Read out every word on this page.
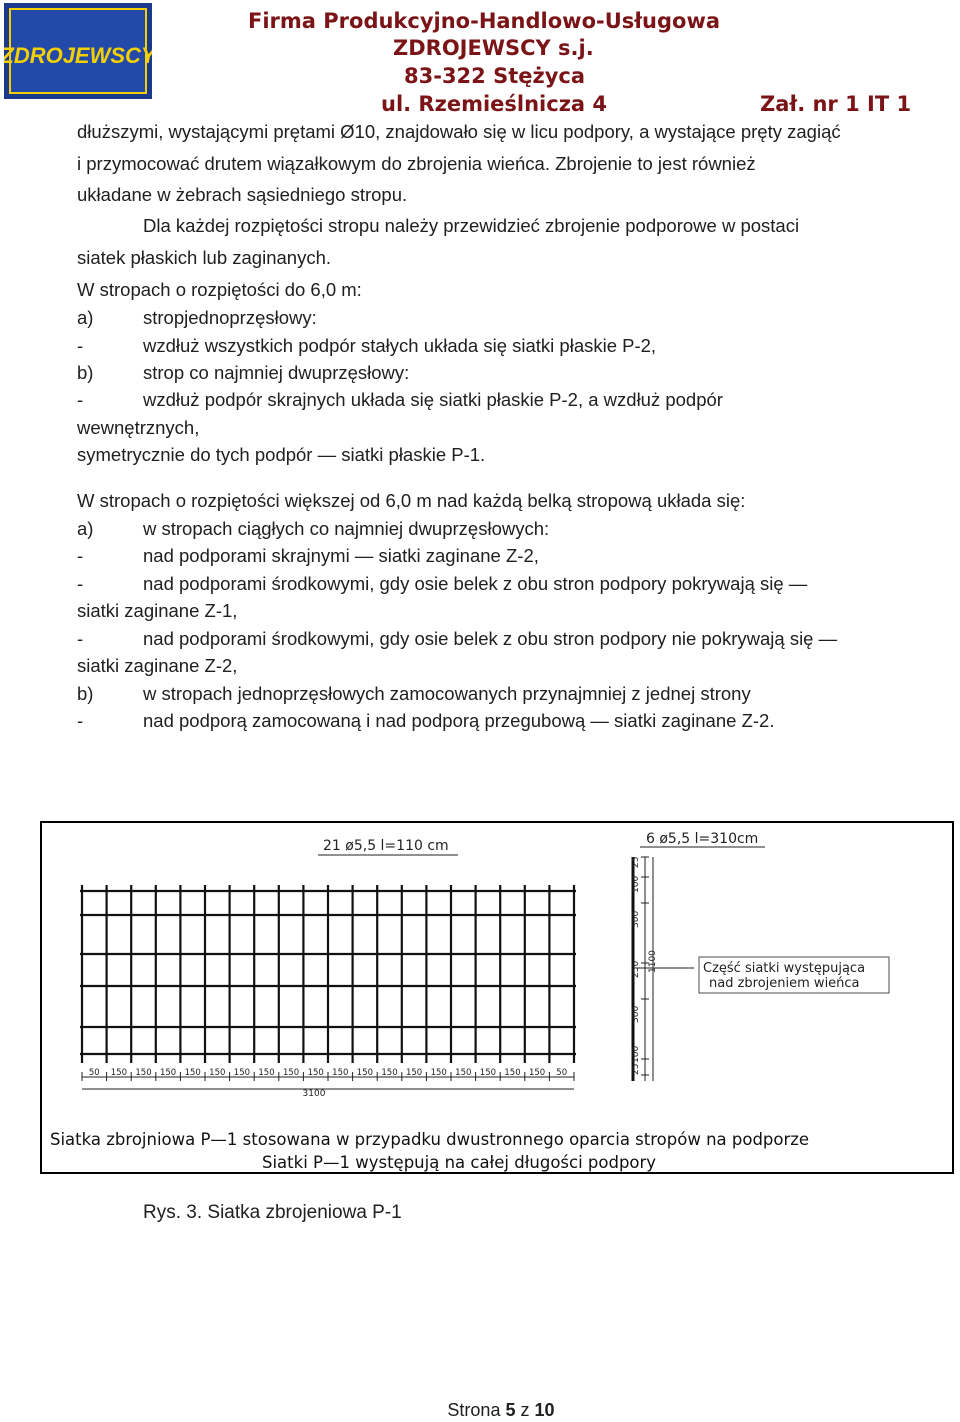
ZDROJEWSCY
Firma Produkcyjno-Handlowo-Usługowa
ZDROJEWSCY s.j.
83-322 Stężyca
ul. Rzemieślnicza 4	Zał. nr 1 IT 1
dłuższymi, wystającymi prętami Ø10, znajdowało się w licu podpory, a wystające pręty zagiąć
i przymocować drutem wiązałkowym do zbrojenia wieńca. Zbrojenie to jest również
układane w żebrach sąsiedniego stropu.
Dla każdej rozpiętości stropu należy przewidzieć zbrojenie podporowe w postaci
siatek płaskich lub zaginanych.
W stropach o rozpiętości do 6,0 m:
a)	stropjednoprzęsłowy:
-	wzdłuż wszystkich podpór stałych układa się siatki płaskie P-2,
b)	strop co najmniej dwuprzęsłowy:
-	wzdłuż podpór skrajnych układa się siatki płaskie P-2, a wzdłuż podpór
wewnętrznych,
symetrycznie do tych podpór — siatki płaskie P-1.
W stropach o rozpiętości większej od 6,0 m nad każdą belką stropową układa się:
a)	w stropach ciągłych co najmniej dwuprzęsłowych:
-	nad podporami skrajnymi — siatki zaginane Z-2,
-	nad podporami środkowymi, gdy osie belek z obu stron podpory pokrywają się —
siatki zaginane Z-1,
-	nad podporami środkowymi, gdy osie belek z obu stron podpory nie pokrywają się —
siatki zaginane Z-2,
b)	w stropach jednoprzęsłowych zamocowanych przynajmniej z jednej strony
-	nad podporą zamocowaną i nad podporą przegubową — siatki zaginane Z-2.
21 ø5,5 l=110 cm	6 ø5,5 l=310cm
Część siatki występująca
nad zbrojeniem wieńca
3100
Siatka zbrojniowa P—1 stosowana w przypadku dwustronnego oparcia stropów na podporze
Siatki P—1 występują na całej długości podpory
25
100
300
250
300
100
25
1100
50 150 150 150 150 150 150 150 150 150 150 150 150 150 150 150 150 150 150 50
Rys. 3. Siatka zbrojeniowa P-1
Strona 5 z 10
